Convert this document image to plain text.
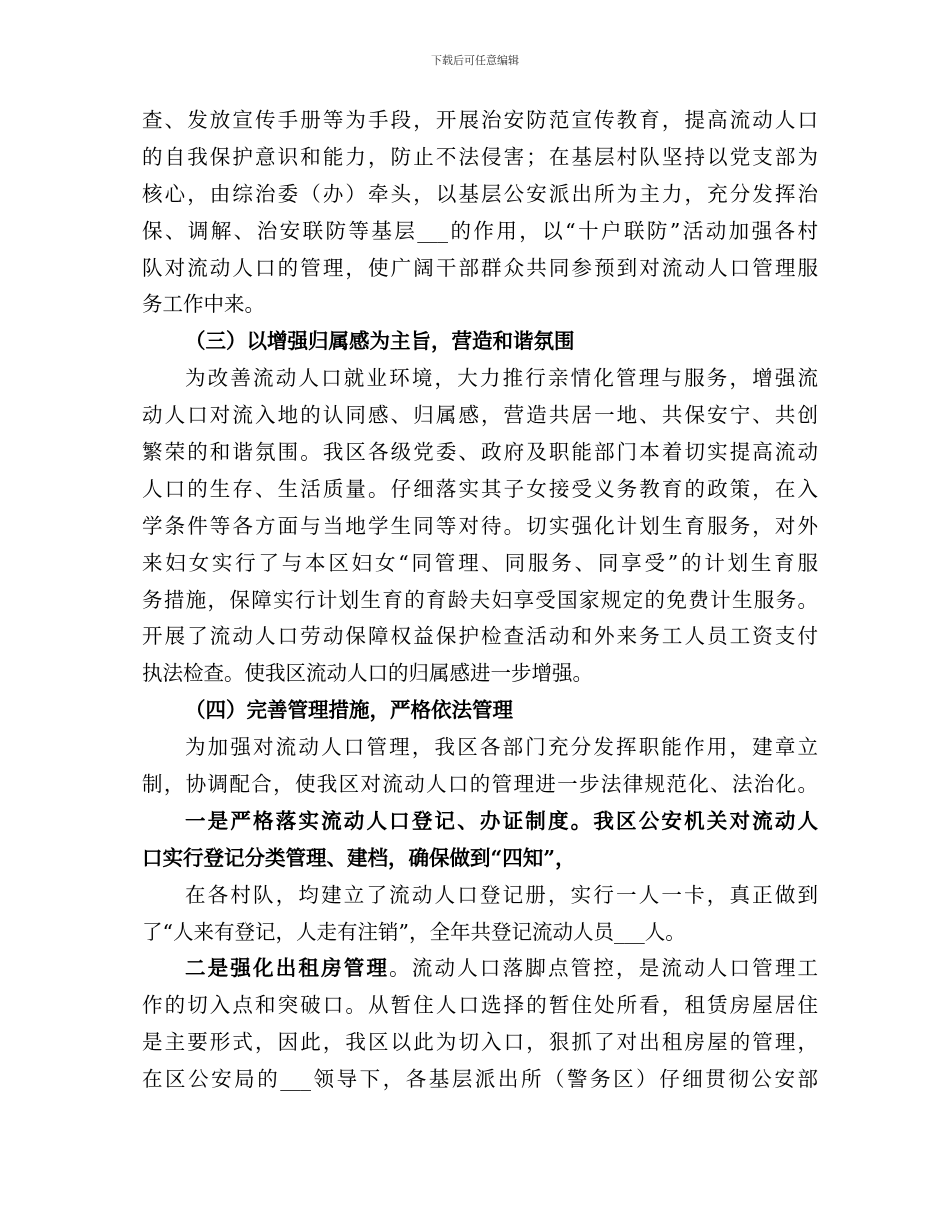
下载后可任意编辑
查、发放宣传手册等为手段，开展治安防范宣传教育，提高流动人口
的自我保护意识和能力，防止不法侵害；在基层村队坚持以党支部为
核心，由综治委（办）牵头，以基层公安派出所为主力，充分发挥治
保、调解、治安联防等基层___的作用，以“十户联防”活动加强各村
队对流动人口的管理，使广阔干部群众共同参预到对流动人口管理服
务工作中来。
（三）以增强归属感为主旨，营造和谐氛围
为改善流动人口就业环境，大力推行亲情化管理与服务，增强流
动人口对流入地的认同感、归属感，营造共居一地、共保安宁、共创
繁荣的和谐氛围。我区各级党委、政府及职能部门本着切实提高流动
人口的生存、生活质量。仔细落实其子女接受义务教育的政策，在入
学条件等各方面与当地学生同等对待。切实强化计划生育服务，对外
来妇女实行了与本区妇女“同管理、同服务、同享受”的计划生育服
务措施，保障实行计划生育的育龄夫妇享受国家规定的免费计生服务。
开展了流动人口劳动保障权益保护检查活动和外来务工人员工资支付
执法检查。使我区流动人口的归属感进一步增强。
（四）完善管理措施，严格依法管理
为加强对流动人口管理，我区各部门充分发挥职能作用，建章立
制，协调配合，使我区对流动人口的管理进一步法律规范化、法治化。
一是严格落实流动人口登记、办证制度。我区公安机关对流动人
口实行登记分类管理、建档，确保做到“四知”，
在各村队，均建立了流动人口登记册，实行一人一卡，真正做到
了“人来有登记，人走有注销”，全年共登记流动人员___人。
二是强化出租房管理。流动人口落脚点管控，是流动人口管理工
作的切入点和突破口。从暂住人口选择的暂住处所看，租赁房屋居住
是主要形式，因此，我区以此为切入口，狠抓了对出租房屋的管理，
在区公安局的___领导下，各基层派出所（警务区）仔细贯彻公安部
